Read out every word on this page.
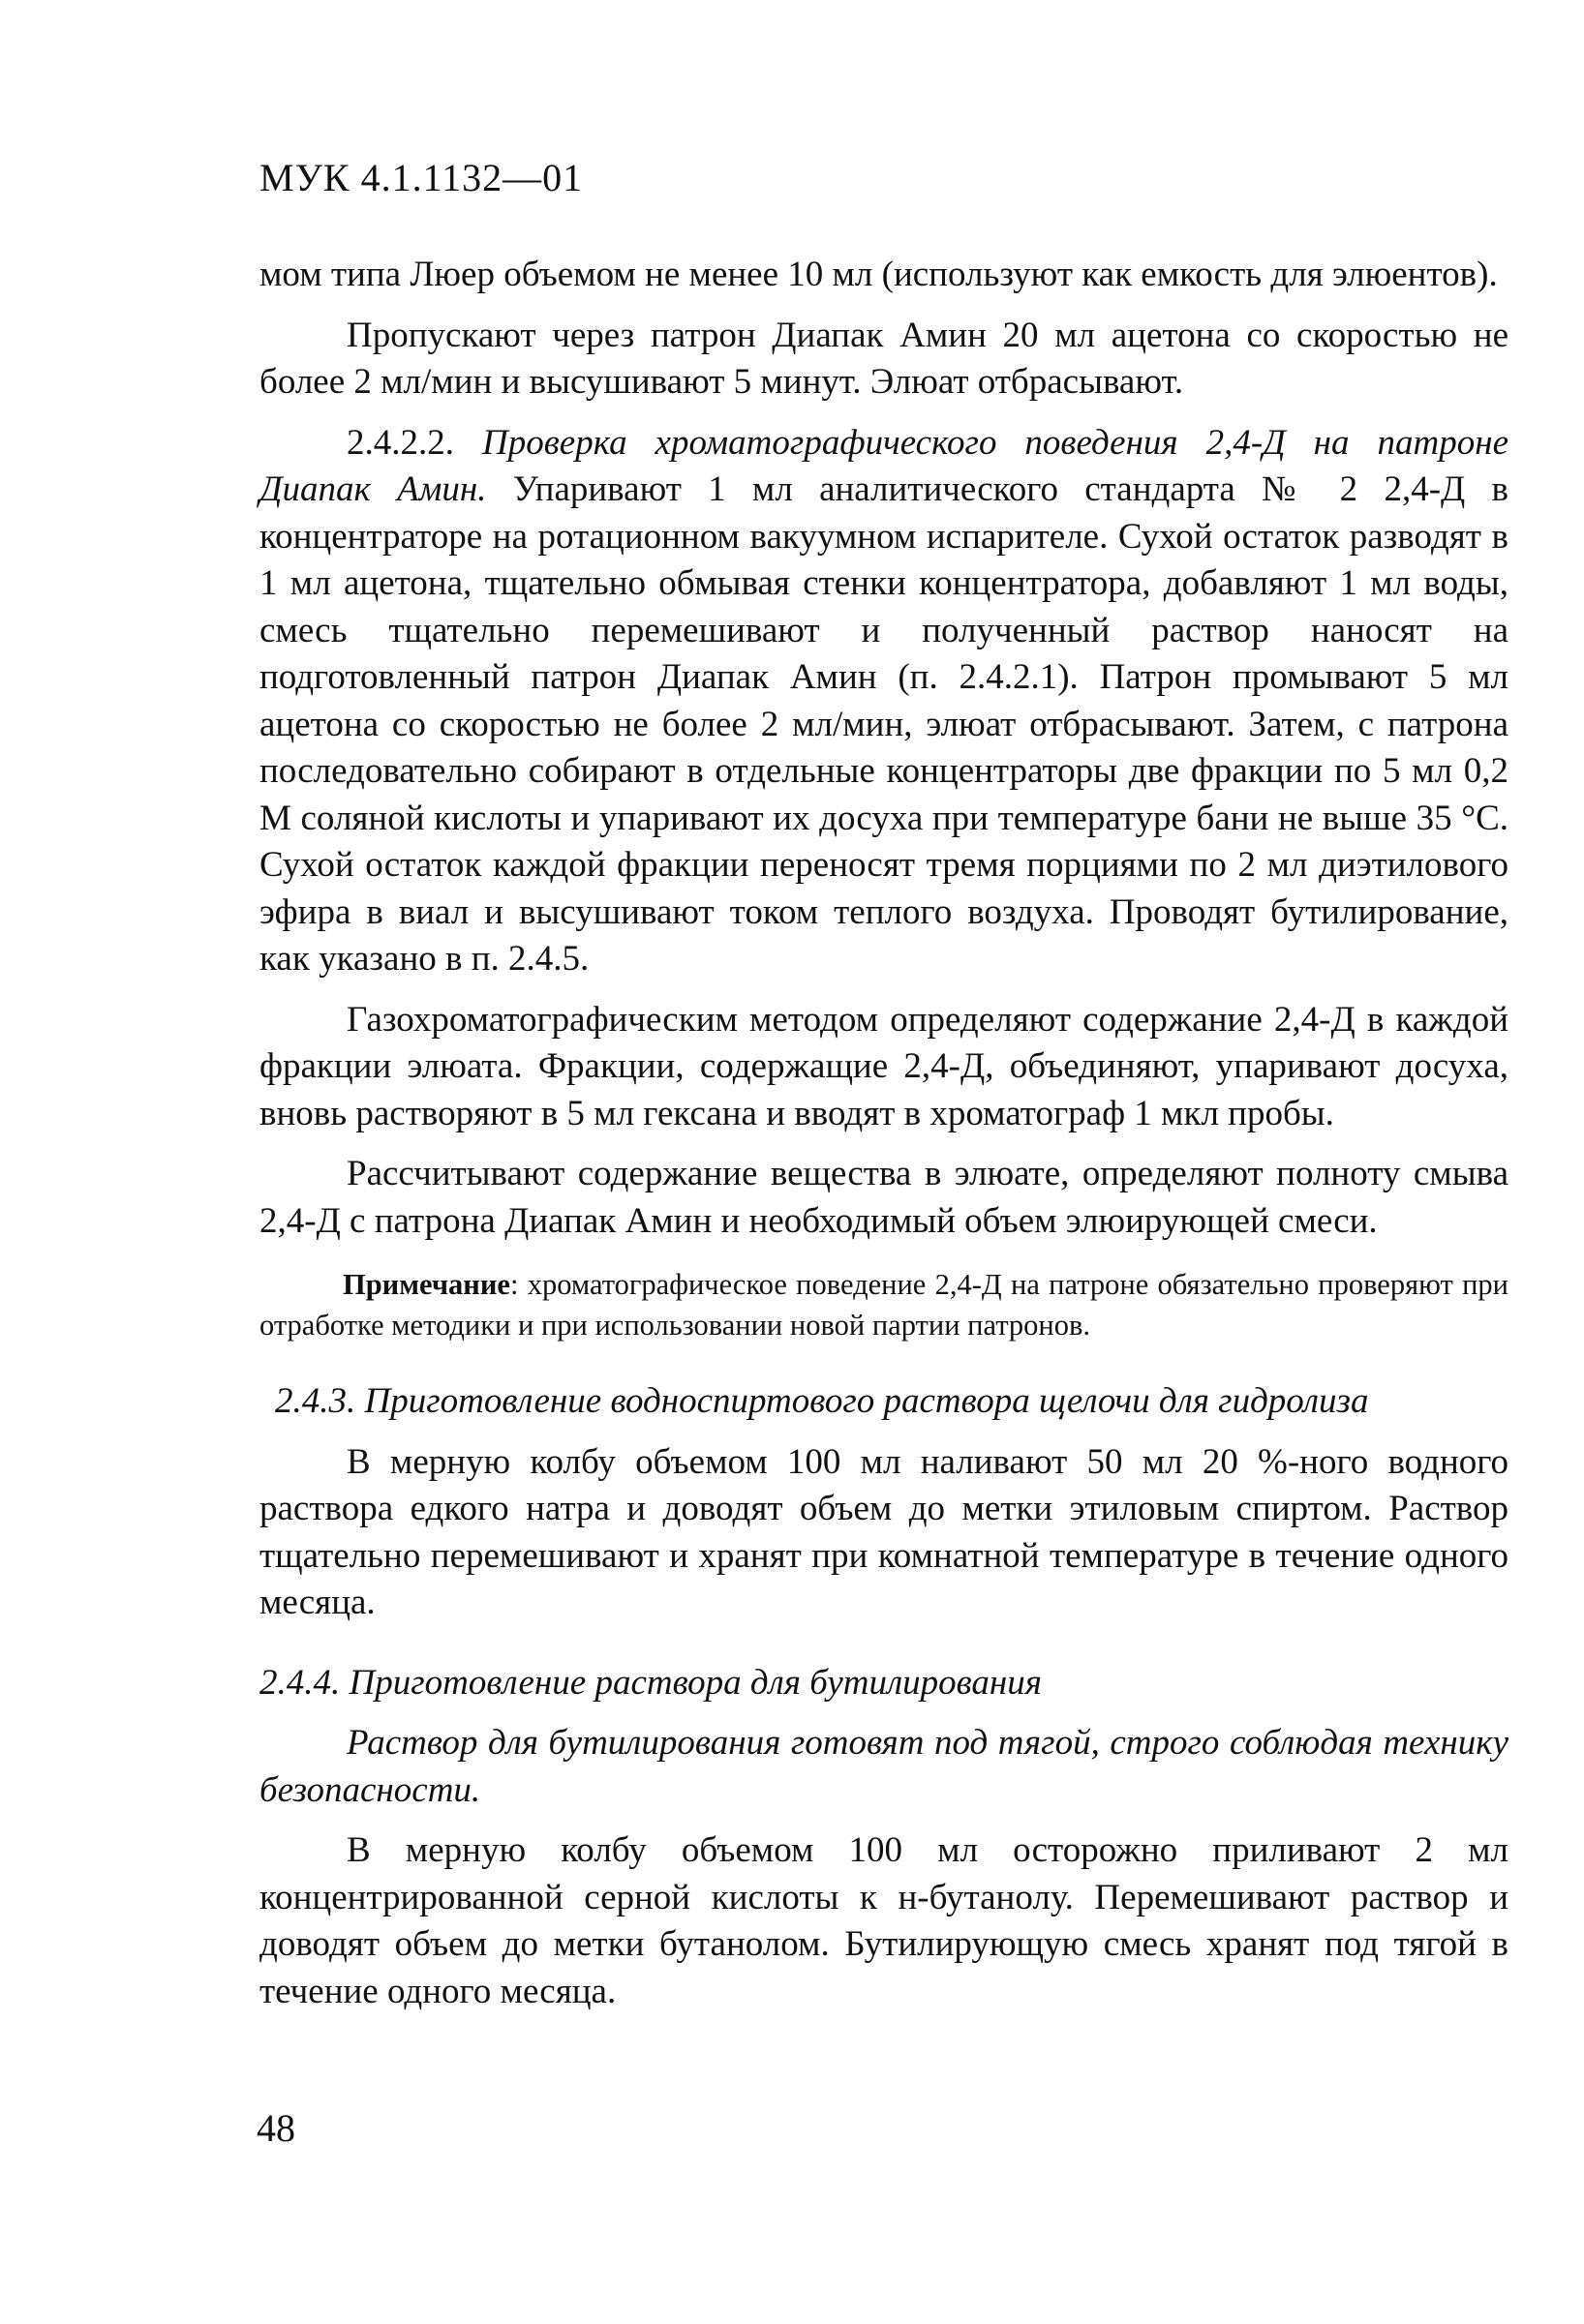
МУК 4.1.1132—01

мом типа Люер объемом не менее 10 мл (используют как емкость для элюентов).

Пропускают через патрон Диапак Амин 20 мл ацетона со скоростью не более 2 мл/мин и высушивают 5 минут. Элюат отбрасывают.

2.4.2.2. Проверка хроматографического поведения 2,4-Д на патроне Диапак Амин. Упаривают 1 мл аналитического стандарта № 2 2,4-Д в концентраторе на ротационном вакуумном испарителе. Сухой остаток разводят в 1 мл ацетона, тщательно обмывая стенки концентратора, добавляют 1 мл воды, смесь тщательно перемешивают и полученный раствор наносят на подготовленный патрон Диапак Амин (п. 2.4.2.1). Патрон промывают 5 мл ацетона со скоростью не более 2 мл/мин, элюат отбрасывают. Затем, с патрона последовательно собирают в отдельные концентраторы две фракции по 5 мл 0,2 М соляной кислоты и упаривают их досуха при температуре бани не выше 35 °С. Сухой остаток каждой фракции переносят тремя порциями по 2 мл диэтилового эфира в виал и высушивают током теплого воздуха. Проводят бутилирование, как указано в п. 2.4.5.

Газохроматографическим методом определяют содержание 2,4-Д в каждой фракции элюата. Фракции, содержащие 2,4-Д, объединяют, упаривают досуха, вновь растворяют в 5 мл гексана и вводят в хроматограф 1 мкл пробы.

Рассчитывают содержание вещества в элюате, определяют полноту смыва 2,4-Д с патрона Диапак Амин и необходимый объем элюирующей смеси.

Примечание: хроматографическое поведение 2,4-Д на патроне обязательно проверяют при отработке методики и при использовании новой партии патронов.

2.4.3. Приготовление водноспиртового раствора щелочи для гидролиза

В мерную колбу объемом 100 мл наливают 50 мл 20 %-ного водного раствора едкого натра и доводят объем до метки этиловым спиртом. Раствор тщательно перемешивают и хранят при комнатной температуре в течение одного месяца.

2.4.4. Приготовление раствора для бутилирования

Раствор для бутилирования готовят под тягой, строго соблюдая технику безопасности.

В мерную колбу объемом 100 мл осторожно приливают 2 мл концентрированной серной кислоты к н-бутанолу. Перемешивают раствор и доводят объем до метки бутанолом. Бутилирующую смесь хранят под тягой в течение одного месяца.

48
